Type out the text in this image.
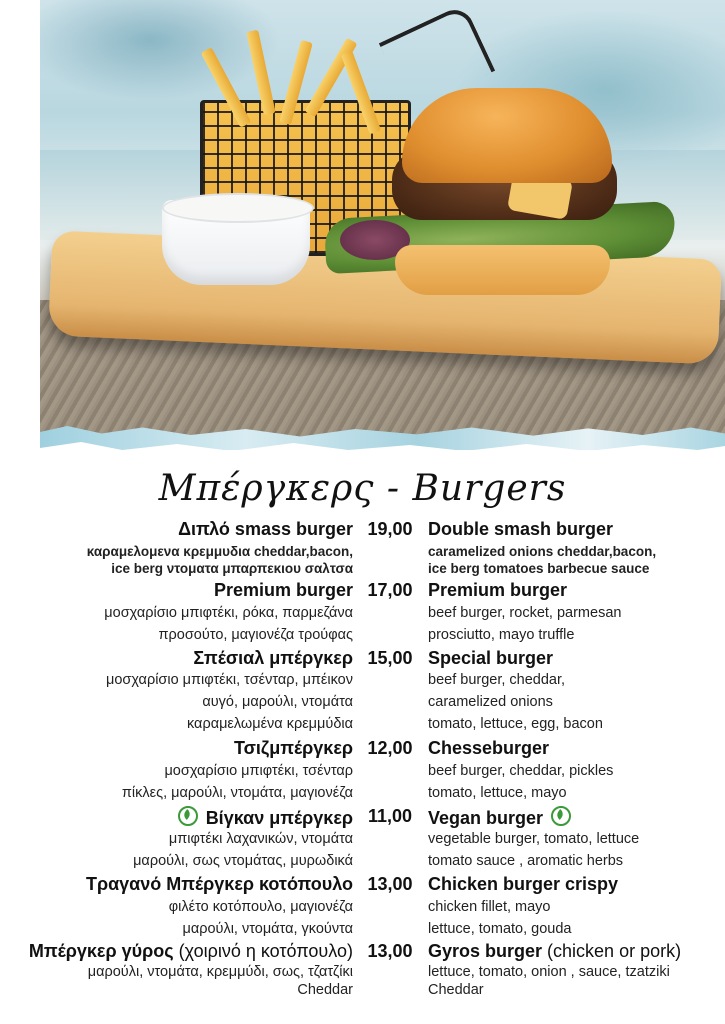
Μπέργκερς - Burgers
Διπλό smass burger 19,00 Double smash burger
καραμελομενα κρεμμυδια cheddar,bacon,
ice berg ντοματα μπαρπεκιου σαλτσα
caramelized onions cheddar,bacon,
ice berg tomatoes barbecue sauce
Premium burger 17,00 Premium burger
μοσχαρίσιο μπιφτέκι, ρόκα, παρμεζάνα
προσούτο, μαγιονέζα τρούφας
beef burger, rocket, parmesan
prosciutto, mayo truffle
Σπέσιαλ μπέργκερ 15,00 Special burger
μοσχαρίσιο μπιφτέκι, τσένταρ, μπέικον
αυγό, μαρούλι, ντομάτα
καραμελωμένα κρεμμύδια
beef burger, cheddar,
caramelized onions
tomato, lettuce, egg, bacon
Τσιζμπέργκερ 12,00 Chesseburger
μοσχαρίσιο μπιφτέκι, τσένταρ
πίκλες, μαρούλι, ντομάτα, μαγιονέζα
beef burger, cheddar, pickles
tomato, lettuce, mayo
Βίγκαν μπέργκερ 11,00 Vegan burger
μπιφτέκι λαχανικών, ντομάτα
μαρούλι, σως ντομάτας, μυρωδικά
vegetable burger, tomato, lettuce
tomato sauce , aromatic herbs
Τραγανό Μπέργκερ κοτόπουλο 13,00 Chicken burger crispy
φιλέτο κοτόπουλο, μαγιονέζα
μαρούλι, ντομάτα, γκούντα
chicken fillet, mayo
lettuce, tomato, gouda
Μπέργκερ γύρος (χοιρινό η κοτόπουλο) 13,00 Gyros burger (chicken or pork)
μαρούλι, ντομάτα, κρεμμύδι, σως, τζατζίκι
Cheddar
lettuce, tomato, onion , sauce, tzatziki
Cheddar
